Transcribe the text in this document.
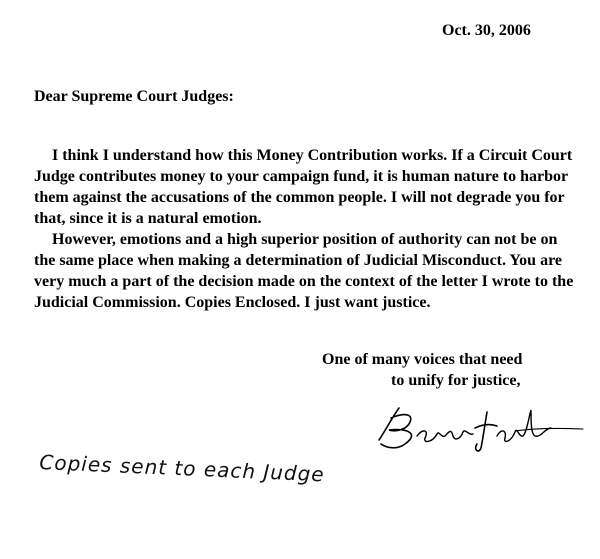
Oct. 30, 2006
Dear Supreme Court Judges:

I think I understand how this Money Contribution works. If a Circuit Court Judge contributes money to your campaign fund, it is human nature to harbor them against the accusations of the common people. I will not degrade you for that, since it is a natural emotion.

However, emotions and a high superior position of authority can not be on the same place when making a determination of Judicial Misconduct. You are very much a part of the decision made on the context of the letter I wrote to the Judicial Commission. Copies Enclosed. I just want justice.

One of many voices that need
to unify for justice,
Copies sent to each Judge
